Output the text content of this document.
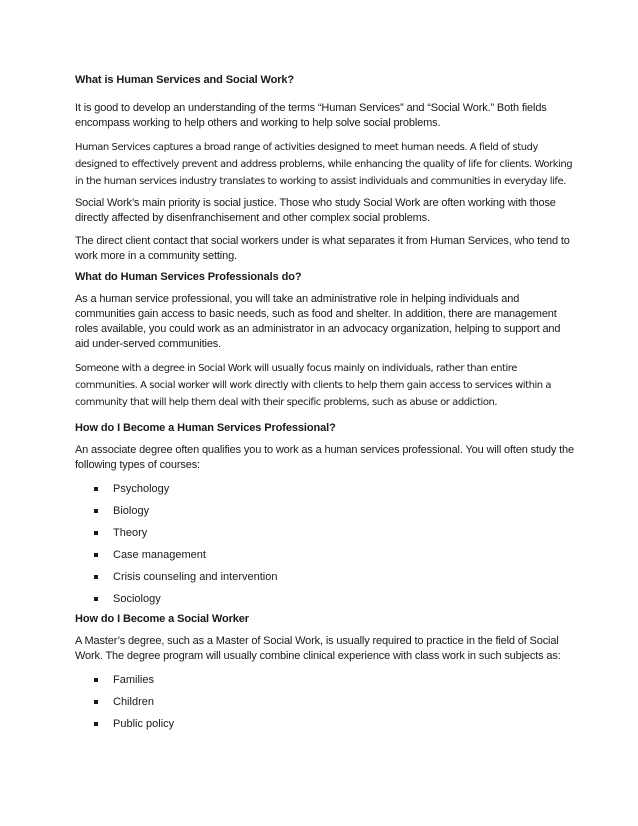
What is Human Services and Social Work?

It is good to develop an understanding of the terms “Human Services” and “Social Work.” Both fields encompass working to help others and working to help solve social problems.

Human Services captures a broad range of activities designed to meet human needs. A field of study designed to effectively prevent and address problems, while enhancing the quality of life for clients. Working in the human services industry translates to working to assist individuals and communities in everyday life.

Social Work’s main priority is social justice. Those who study Social Work are often working with those directly affected by disenfranchisement and other complex social problems.

The direct client contact that social workers under is what separates it from Human Services, who tend to work more in a community setting.

What do Human Services Professionals do?

As a human service professional, you will take an administrative role in helping individuals and communities gain access to basic needs, such as food and shelter. In addition, there are management roles available, you could work as an administrator in an advocacy organization, helping to support and aid under-served communities.

Someone with a degree in Social Work will usually focus mainly on individuals, rather than entire communities. A social worker will work directly with clients to help them gain access to services within a community that will help them deal with their specific problems, such as abuse or addiction.

How do I Become a Human Services Professional?

An associate degree often qualifies you to work as a human services professional. You will often study the following types of courses:

Psychology
Biology
Theory
Case management
Crisis counseling and intervention
Sociology
How do I Become a Social Worker

A Master’s degree, such as a Master of Social Work, is usually required to practice in the field of Social Work. The degree program will usually combine clinical experience with class work in such subjects as:

Families
Children
Public policy
